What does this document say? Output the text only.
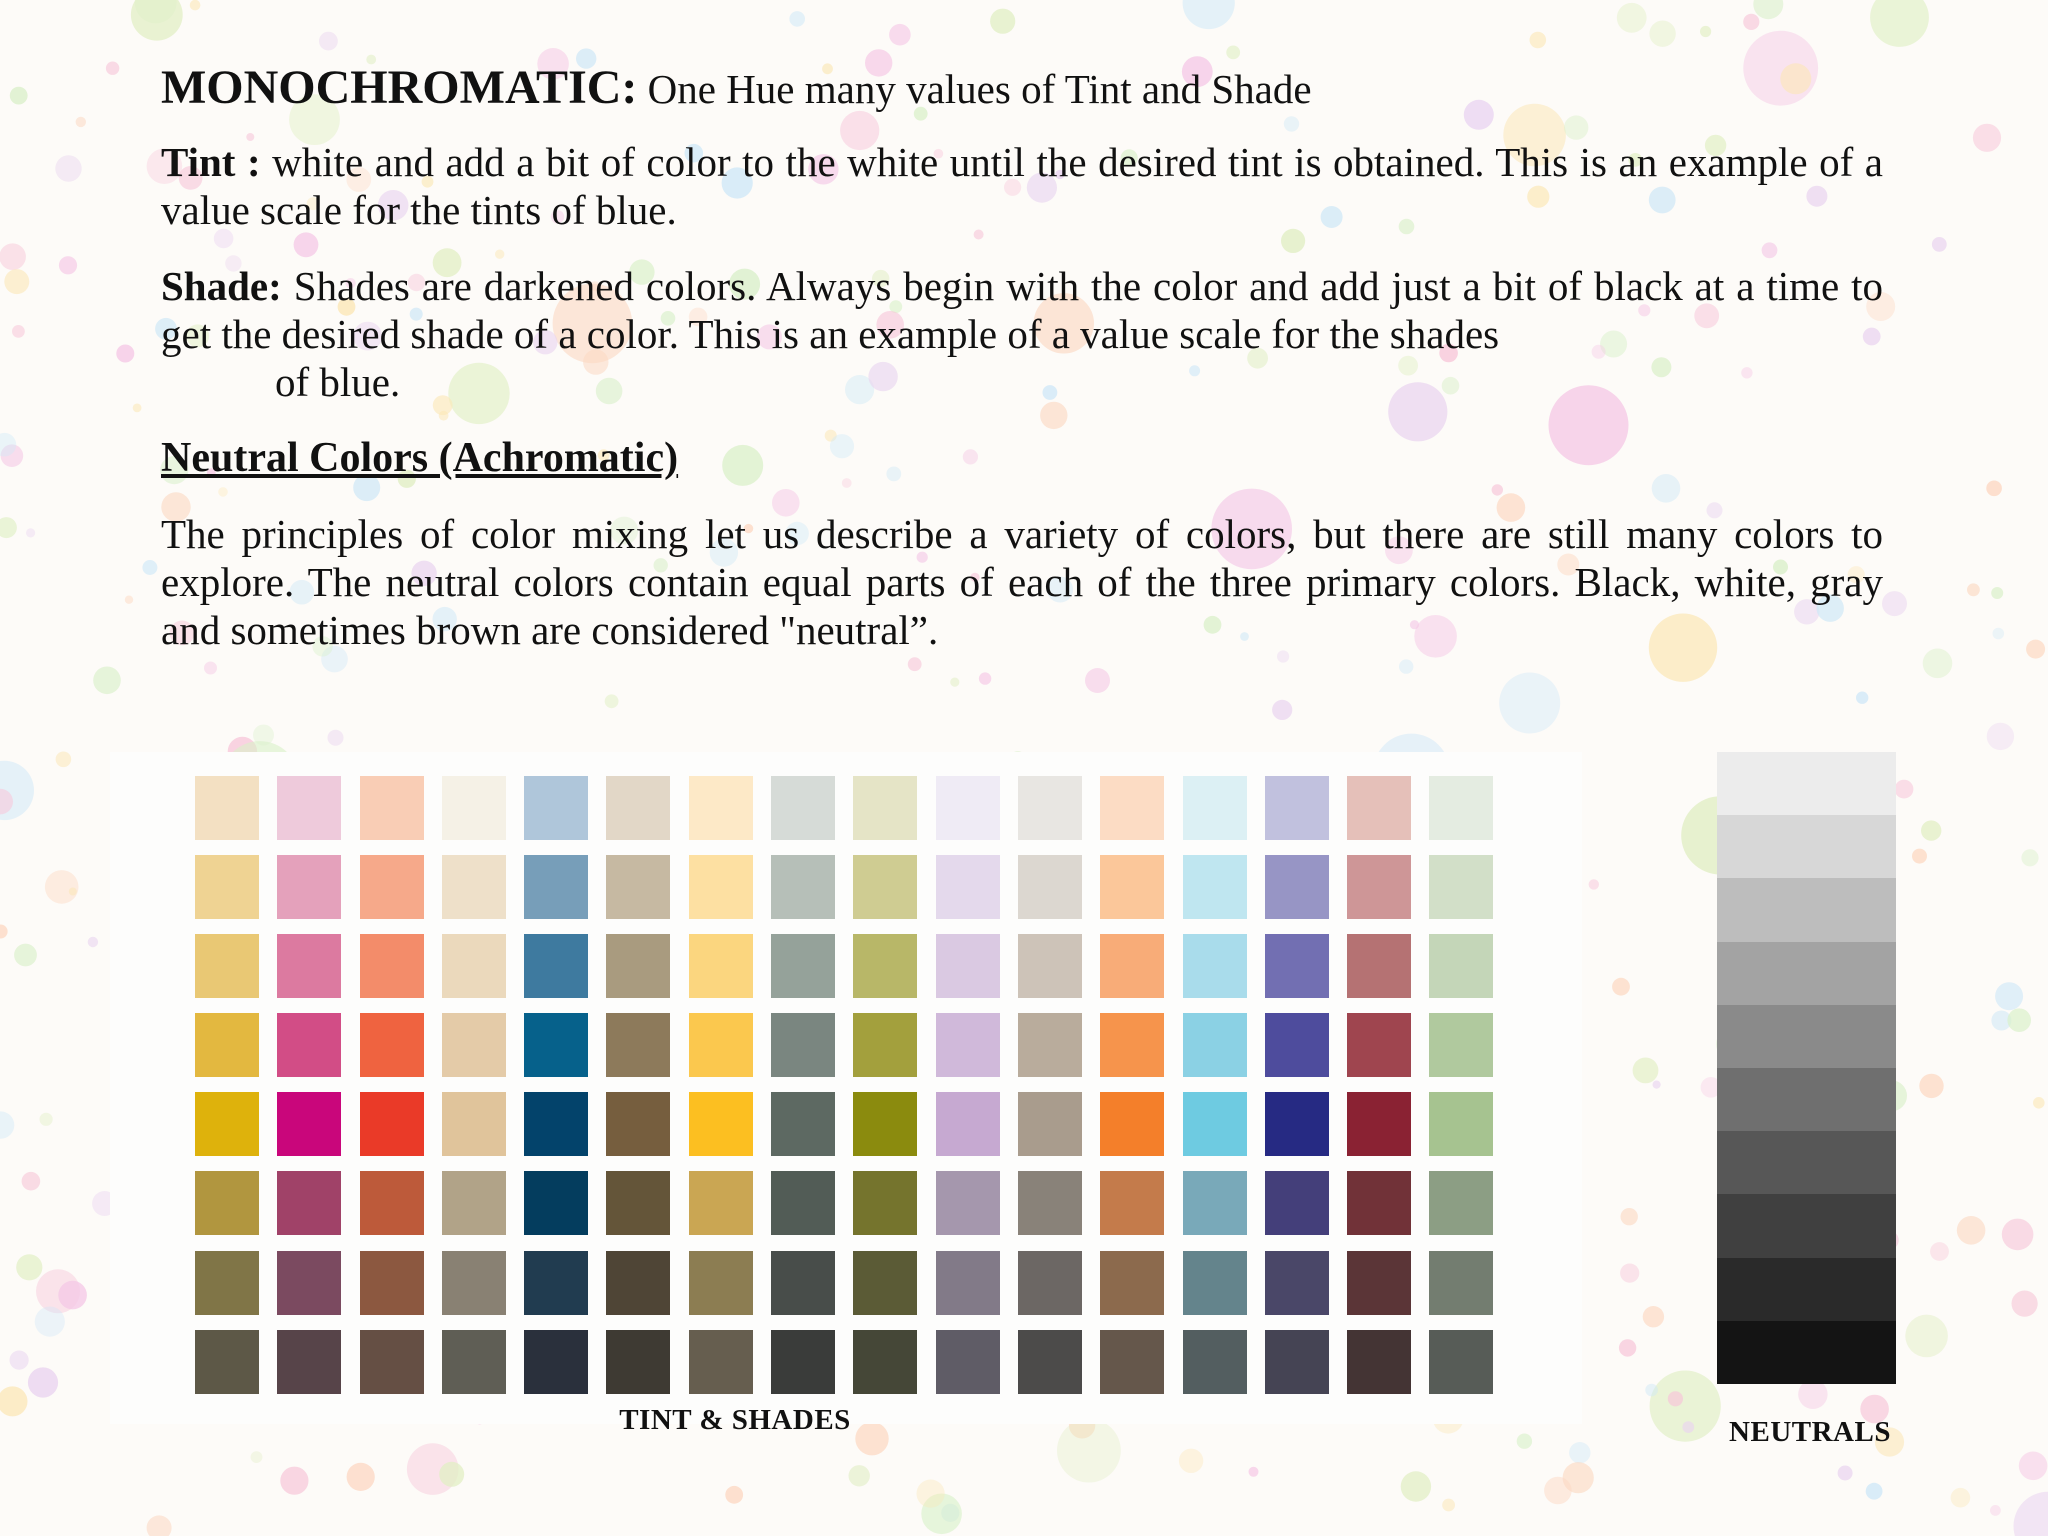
MONOCHROMATIC: One Hue many values of Tint and Shade

Tint : white and add a bit of color to the white until the desired tint is obtained. This is an example of a value scale for the tints of blue.

Shade: Shades are darkened colors. Always begin with the color and add just a bit of black at a time to get the desired shade of a color. This is an example of a value scale for the shades
of blue.

Neutral Colors (Achromatic)

The principles of color mixing let us describe a variety of colors, but there are still many colors to explore. The neutral colors contain equal parts of each of the three primary colors. Black, white, gray and sometimes brown are considered "neutral”.

TINT & SHADES	NEUTRALS
